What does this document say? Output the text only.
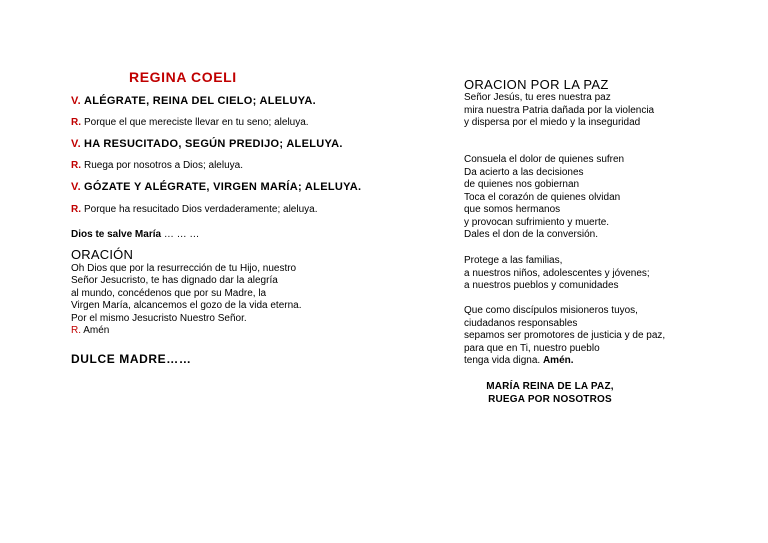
REGINA COELI
V. ALÉGRATE, REINA DEL CIELO; ALELUYA.
R. Porque el que mereciste llevar en tu seno; aleluya.
V. HA RESUCITADO, SEGÚN PREDIJO; ALELUYA.
R. Ruega por nosotros a Dios; aleluya.
V. GÓZATE Y ALÉGRATE, VIRGEN MARÍA; ALELUYA.
R. Porque ha resucitado Dios verdaderamente; aleluya.
Dios te salve María … … …
ORACIÓN
Oh Dios que por la resurrección de tu Hijo, nuestro
Señor Jesucristo, te has dignado dar la alegría
al mundo, concédenos que por su Madre, la
Virgen María, alcancemos el gozo de la vida eterna.
Por el mismo Jesucristo Nuestro Señor.
R. Amén
DULCE MADRE……
ORACION POR LA PAZ
Señor Jesús, tu eres nuestra paz
mira nuestra Patria dañada por la violencia
y dispersa por el miedo y la inseguridad
Consuela el dolor de quienes sufren
Da acierto a las decisiones
de quienes nos gobiernan
Toca el corazón de quienes olvidan
que somos hermanos
y provocan sufrimiento y muerte.
Dales el don de la conversión.
Protege a las familias,
a nuestros niños, adolescentes y jóvenes;
a nuestros pueblos y comunidades
Que como discípulos misioneros tuyos,
ciudadanos responsables
sepamos ser promotores de justicia y de paz,
para que en Ti, nuestro pueblo
tenga vida digna. Amén.
MARÍA REINA DE LA PAZ,
RUEGA POR NOSOTROS
